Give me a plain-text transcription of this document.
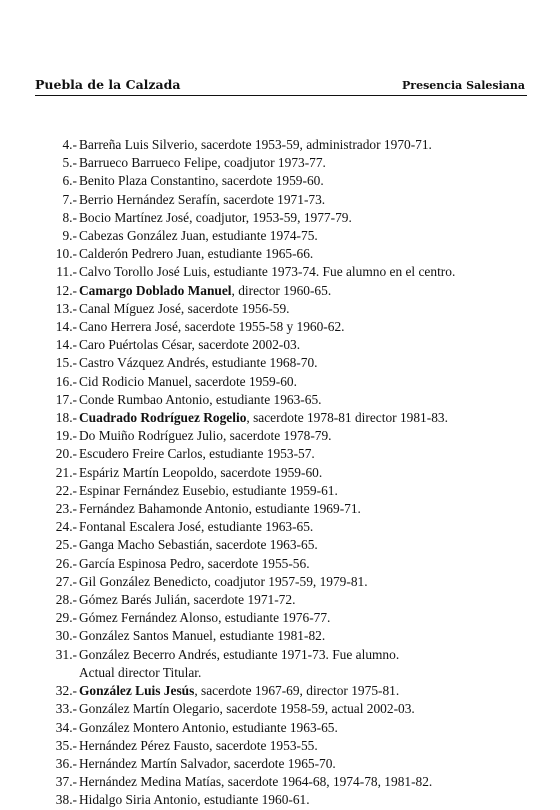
Puebla de la Calzada	Presencia Salesiana
4.- Barreña Luis Silverio, sacerdote 1953-59, administrador 1970-71.
5.- Barrueco Barrueco Felipe, coadjutor 1973-77.
6.- Benito Plaza Constantino, sacerdote 1959-60.
7.- Berrio Hernández Serafín, sacerdote 1971-73.
8.- Bocio Martínez José, coadjutor, 1953-59, 1977-79.
9.- Cabezas González Juan, estudiante 1974-75.
10.- Calderón Pedrero Juan, estudiante 1965-66.
11.- Calvo Torollo José Luis, estudiante 1973-74. Fue alumno en el centro.
12.- Camargo Doblado Manuel, director 1960-65.
13.- Canal Míguez José, sacerdote 1956-59.
14.- Cano Herrera José, sacerdote 1955-58 y 1960-62.
14.- Caro Puértolas César, sacerdote 2002-03.
15.- Castro Vázquez Andrés, estudiante 1968-70.
16.- Cid Rodicio Manuel, sacerdote 1959-60.
17.- Conde Rumbao Antonio, estudiante 1963-65.
18.- Cuadrado Rodríguez Rogelio, sacerdote 1978-81 director 1981-83.
19.- Do Muiño Rodríguez Julio, sacerdote 1978-79.
20.- Escudero Freire Carlos, estudiante 1953-57.
21.- Espáriz Martín Leopoldo, sacerdote 1959-60.
22.- Espinar Fernández Eusebio, estudiante 1959-61.
23.- Fernández Bahamonde Antonio, estudiante 1969-71.
24.- Fontanal Escalera José, estudiante 1963-65.
25.- Ganga Macho Sebastián, sacerdote 1963-65.
26.- García Espinosa Pedro, sacerdote 1955-56.
27.- Gil González Benedicto, coadjutor 1957-59, 1979-81.
28.- Gómez Barés Julián, sacerdote 1971-72.
29.- Gómez Fernández Alonso, estudiante 1976-77.
30.- González Santos Manuel, estudiante 1981-82.
31.- González Becerro Andrés, estudiante 1971-73. Fue alumno.
Actual director Titular.
32.- González Luis Jesús, sacerdote 1967-69, director 1975-81.
33.- González Martín Olegario, sacerdote 1958-59, actual 2002-03.
34.- González Montero Antonio, estudiante 1963-65.
35.- Hernández Pérez Fausto, sacerdote 1953-55.
36.- Hernández Martín Salvador, sacerdote 1965-70.
37.- Hernández Medina Matías, sacerdote 1964-68, 1974-78, 1981-82.
38.- Hidalgo Siria Antonio, estudiante 1960-61.
